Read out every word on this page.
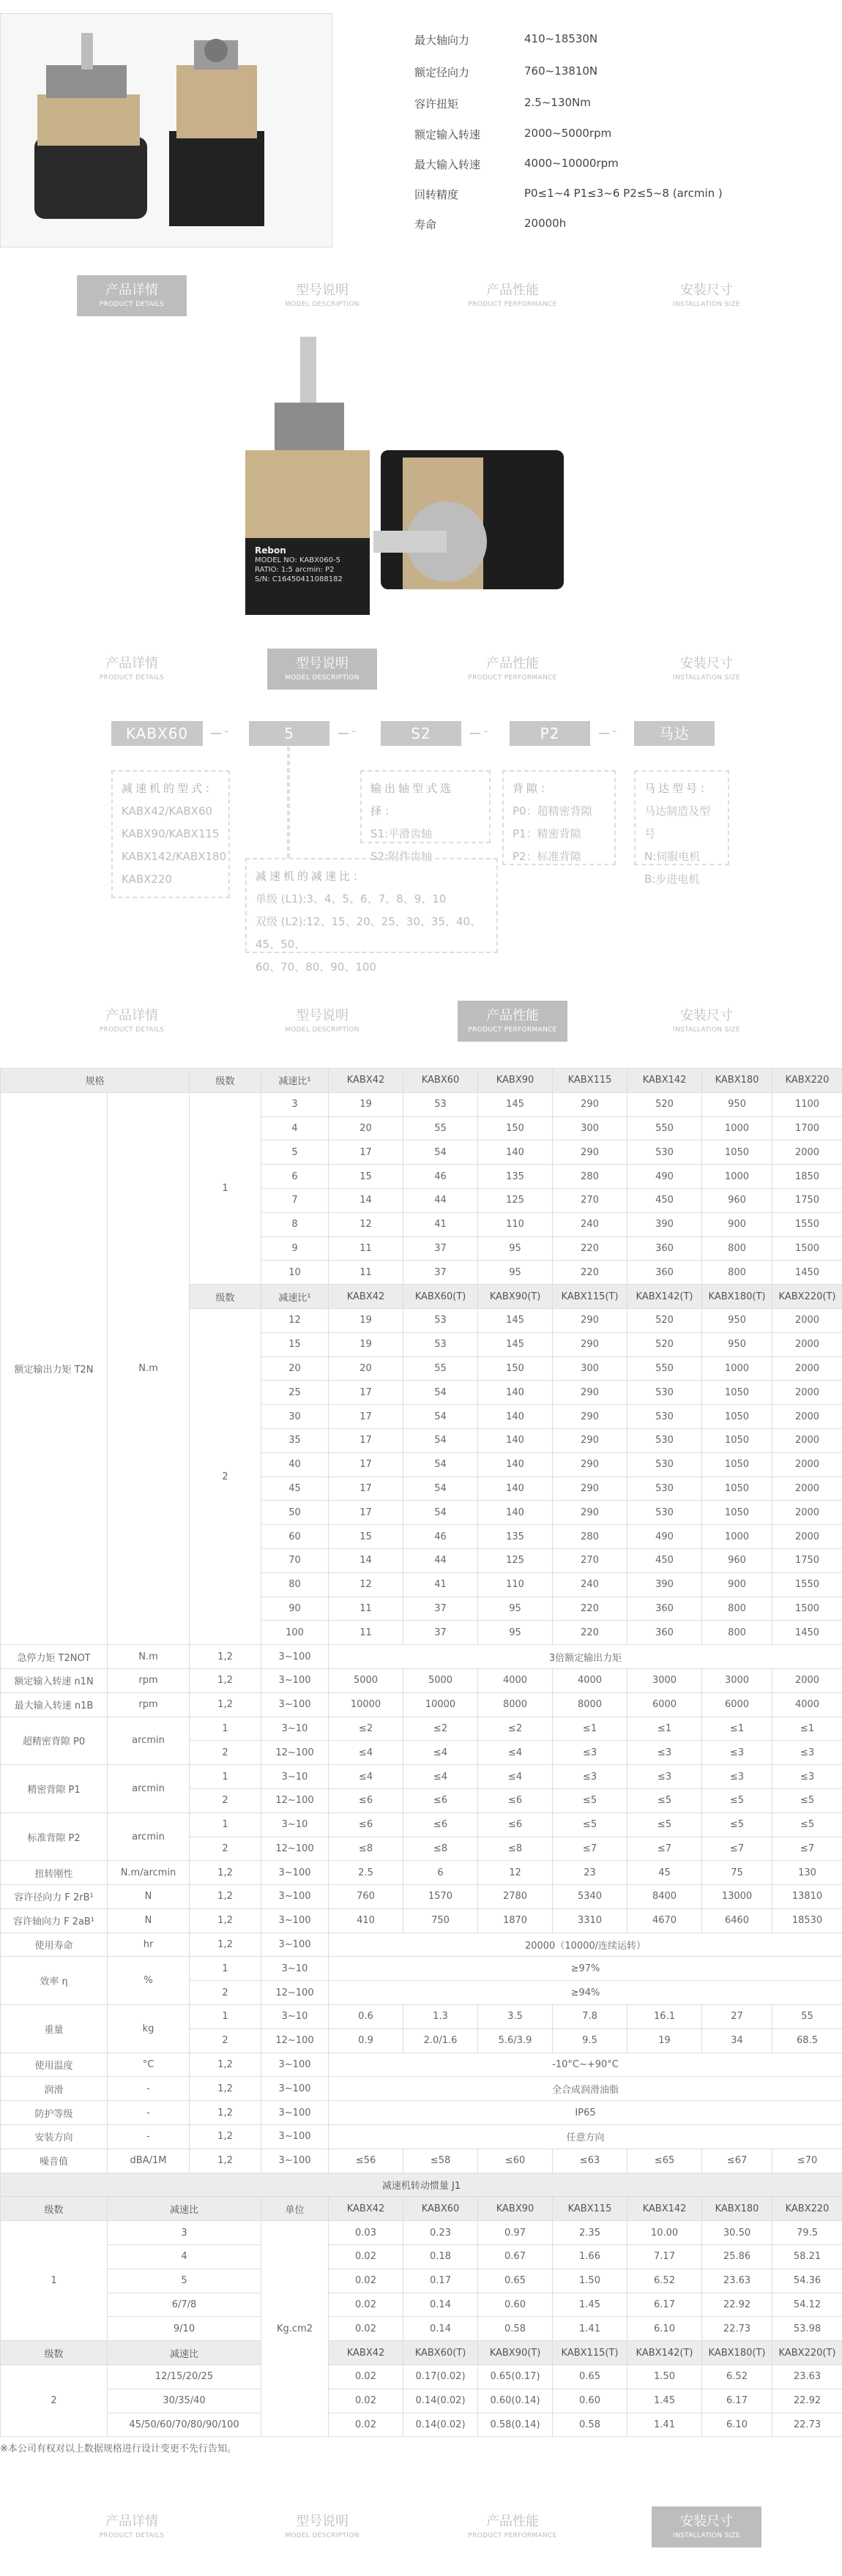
最大轴向力	410~18530N
额定径向力	760~13810N
容许扭矩	2.5~130Nm
额定输入转速	2000~5000rpm
最大输入转速	4000~10000rpm
回转精度	P0≤1~4 P1≤3~6 P2≤5~8 (arcmin )
寿命	20000h
产品详情
PRODUCT DETAILS
型号说明
MODEL DESCRIPTION
产品性能
PRODUCT PERFORMANCE
安装尺寸
INSTALLATION SIZE
产品详情
PRODUCT DETAILS
型号说明
MODEL DESCRIPTION
产品性能
PRODUCT PERFORMANCE
安装尺寸
INSTALLATION SIZE
产品详情
PRODUCT DETAILS
型号说明
MODEL DESCRIPTION
产品性能
PRODUCT PERFORMANCE
安装尺寸
INSTALLATION SIZE
产品详情
PRODUCT DETAILS
型号说明
MODEL DESCRIPTION
产品性能
PRODUCT PERFORMANCE
安装尺寸
INSTALLATION SIZE
Rebon
MODEL NO: KABX060-5
RATIO: 1:5 arcmin: P2
S/N: C16450411088182
KABX60	5	S2	P2	马达
-	-	-	-
减速机的型式：
KABX42/KABX60
KABX90/KABX115
KABX142/KABX180
KABX220
输出轴型式选择：
S1:平滑齿轴
S2:附件齿轴
背隙：
P0：超精密背隙
P1：精密背隙
P2：标准背隙
马达型号：
马达制造及型号
N:伺服电机
B:步进电机
减速机的减速比：
单级 (L1):3、4、5、6、7、8、9、10
双级 (L2):12、15、20、25、30、35、40、45、50、
60、70、80、90、100
规格	级数	减速比¹	KABX42	KABX60	KABX90	KABX115	KABX142	KABX180	KABX220
额定输出力矩 T2N	N.m	1	3	19	53	145	290	520	950	1100
4	20	55	150	300	550	1000	1700
5	17	54	140	290	530	1050	2000
6	15	46	135	280	490	1000	1850
7	14	44	125	270	450	960	1750
8	12	41	110	240	390	900	1550
9	11	37	95	220	360	800	1500
10	11	37	95	220	360	800	1450
级数	减速比¹	KABX42	KABX60(T)	KABX90(T)	KABX115(T)	KABX142(T)	KABX180(T)	KABX220(T)
2	12	19	53	145	290	520	950	2000
15	19	53	145	290	520	950	2000
20	20	55	150	300	550	1000	2000
25	17	54	140	290	530	1050	2000
30	17	54	140	290	530	1050	2000
35	17	54	140	290	530	1050	2000
40	17	54	140	290	530	1050	2000
45	17	54	140	290	530	1050	2000
50	17	54	140	290	530	1050	2000
60	15	46	135	280	490	1000	2000
70	14	44	125	270	450	960	1750
80	12	41	110	240	390	900	1550
90	11	37	95	220	360	800	1500
100	11	37	95	220	360	800	1450
急停力矩 T2NOT	N.m	1,2	3~100	3倍额定输出力矩
额定输入转速 n1N	rpm	1,2	3~100	5000	5000	4000	4000	3000	3000	2000
最大输入转速 n1B	rpm	1,2	3~100	10000	10000	8000	8000	6000	6000	4000
超精密背隙 P0	arcmin	1	3~10	≤2	≤2	≤2	≤1	≤1	≤1	≤1
2	12~100	≤4	≤4	≤4	≤3	≤3	≤3	≤3
精密背隙 P1	arcmin	1	3~10	≤4	≤4	≤4	≤3	≤3	≤3	≤3
2	12~100	≤6	≤6	≤6	≤5	≤5	≤5	≤5
标准背隙 P2	arcmin	1	3~10	≤6	≤6	≤6	≤5	≤5	≤5	≤5
2	12~100	≤8	≤8	≤8	≤7	≤7	≤7	≤7
扭转刚性	N.m/arcmin	1,2	3~100	2.5	6	12	23	45	75	130
容许径向力 F 2rB¹	N	1,2	3~100	760	1570	2780	5340	8400	13000	13810
容许轴向力 F 2aB¹	N	1,2	3~100	410	750	1870	3310	4670	6460	18530
使用寿命	hr	1,2	3~100	20000（10000/连续运转）
效率 η	%	1	3~10	≥97%
2	12~100	≥94%
重量	kg	1	3~10	0.6	1.3	3.5	7.8	16.1	27	55
2	12~100	0.9	2.0/1.6	5.6/3.9	9.5	19	34	68.5
使用温度	°C	1,2	3~100	-10°C~+90°C
润滑	-	1,2	3~100	全合成润滑油脂
防护等级	-	1,2	3~100	IP65
安装方向	-	1,2	3~100	任意方向
噪音值	dBA/1M	1,2	3~100	≤56	≤58	≤60	≤63	≤65	≤67	≤70
减速机转动惯量 J1
级数	减速比	单位	KABX42	KABX60	KABX90	KABX115	KABX142	KABX180	KABX220
1	3	Kg.cm2	0.03	0.23	0.97	2.35	10.00	30.50	79.5
4	0.02	0.18	0.67	1.66	7.17	25.86	58.21
5	0.02	0.17	0.65	1.50	6.52	23.63	54.36
6/7/8	0.02	0.14	0.60	1.45	6.17	22.92	54.12
9/10	0.02	0.14	0.58	1.41	6.10	22.73	53.98
级数	减速比	KABX42	KABX60(T)	KABX90(T)	KABX115(T)	KABX142(T)	KABX180(T)	KABX220(T)
2	12/15/20/25	0.02	0.17(0.02)	0.65(0.17)	0.65	1.50	6.52	23.63
30/35/40	0.02	0.14(0.02)	0.60(0.14)	0.60	1.45	6.17	22.92
45/50/60/70/80/90/100	0.02	0.14(0.02)	0.58(0.14)	0.58	1.41	6.10	22.73
※本公司有权对以上数据规格进行设计变更不先行告知。
